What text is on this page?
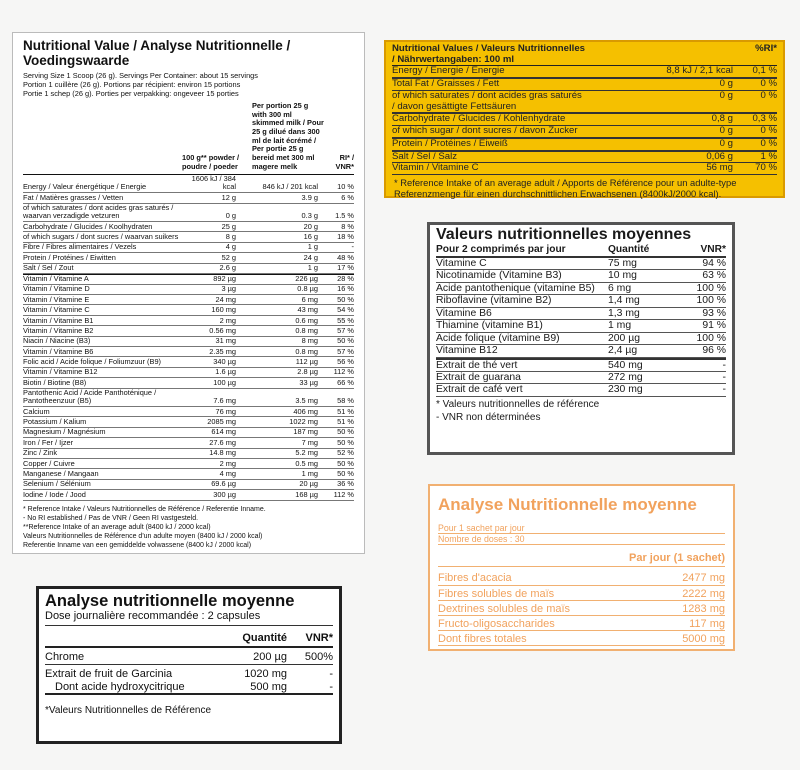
Nutritional Value / Analyse Nutritionnelle / Voedingswaarde
Serving Size 1 Scoop (26 g). Servings Per Container: about 15 servings
Portion 1 cuillère (26 g). Portions par récipient: environ 15 portions
Portie 1 schep (26 g). Porties per verpakking: ongeveer 15 porties
100 g** powder / poudre / poeder
Per portion 25 g with 300 ml skimmed milk / Pour 25 g dilué dans 300 ml de lait écrémé / Per portie 25 g bereid met 300 ml magere melk
RI* / VNR*
Energy / Valeur énergétique / Energie
1606 kJ / 384 kcal	846 kJ / 201 kcal	10 %
Fat / Matières grasses / Vetten	12 g	3.9 g	6 %
of which saturates / dont acides gras saturés / waarvan verzadigde vetzuren	0 g	0.3 g	1.5 %
Carbohydrate / Glucides / Koolhydraten	25 g	20 g	8 %
of which sugars / dont sucres / waarvan suikers	8 g	16 g	18 %
Fibre / Fibres alimentaires / Vezels	4 g	1 g	-
Protein / Protéines / Eiwitten	52 g	24 g	48 %
Salt / Sel / Zout	2.6 g	1 g	17 %
Vitamin / Vitamine A	892 µg	226 µg	28 %
Vitamin / Vitamine D	3 µg	0.8 µg	16 %
Vitamin / Vitamine E	24 mg	6 mg	50 %
Vitamin / Vitamine C	160 mg	43 mg	54 %
Vitamin / Vitamine B1	2 mg	0.6 mg	55 %
Vitamin / Vitamine B2	0.56 mg	0.8 mg	57 %
Niacin / Niacine (B3)	31 mg	8 mg	50 %
Vitamin / Vitamine B6	2.35 mg	0.8 mg	57 %
Folic acid / Acide folique / Foliumzuur (B9)	340 µg	112 µg	56 %
Vitamin / Vitamine B12	1.6 µg	2.8 µg	112 %
Biotin / Biotine (B8)	100 µg	33 µg	66 %
Pantothenic Acid / Acide Panthoténique / Pantotheenzuur (B5)	7.6 mg	3.5 mg	58 %
Calcium	76 mg	406 mg	51 %
Potassium / Kalium	2085 mg	1022 mg	51 %
Magnesium / Magnésium	614 mg	187 mg	50 %
Iron / Fer / Ijzer	27.6 mg	7 mg	50 %
Zinc / Zink	14.8 mg	5.2 mg	52 %
Copper / Cuivre	2 mg	0.5 mg	50 %
Manganese / Mangaan	4 mg	1 mg	50 %
Selenium / Sélénium	69.6 µg	20 µg	36 %
Iodine / Iode / Jood	300 µg	168 µg	112 %
* Reference Intake / Valeurs Nutritionnelles de Référence / Referentie Inname.
- No RI established / Pas de VNR / Geen RI vastgesteld.
**Reference Intake of an average adult (8400 kJ / 2000 kcal)
Valeurs Nutritionnelles de Référence d'un adulte moyen (8400 kJ / 2000 kcal)
Referentie Inname van een gemiddelde volwassene (8400 kJ / 2000 kcal)
Nutritional Values / Valeurs Nutritionnelles / Nährwertangaben: 100 ml
%RI*
Energy / Énergie / Energie	8,8 kJ / 2,1 kcal	0,1 %
Total Fat / Graisses / Fett	0 g	0 %
of which saturates / dont acides gras saturés / davon gesättigte Fettsäuren
0 g	0 %
Carbohydrate / Glucides / Kohlenhydrate	0,8 g	0,3 %
of which sugar / dont sucres / davon Zucker	0 g	0 %
Protein / Protéines / Eiweiß	0 g	0 %
Salt / Sel / Salz	0,06 g	1 %
Vitamin / Vitamine C	56 mg	70 %
* Reference Intake of an average adult / Apports de Référence pour un adulte-type Referenzmenge für einen durchschnittlichen Erwachsenen (8400kJ/2000 kcal).
Valeurs nutritionnelles moyennes
Pour 2 comprimés par jour	Quantité	VNR*
Vitamine C	75 mg	94 %
Nicotinamide (Vitamine B3)	10 mg	63 %
Acide pantothenique (vitamine B5)	6 mg	100 %
Riboflavine (vitamine B2)	1,4 mg	100 %
Vitamine B6	1,3 mg	93 %
Thiamine (vitamine B1)	1 mg	91 %
Acide folique (vitamine B9)	200 µg	100 %
Vitamine B12	2,4 µg	96 %
Extrait de thé vert	540 mg	-
Extrait de guarana	272 mg	-
Extrait de café vert	230 mg	-
* Valeurs nutritionnelles de référence
- VNR non déterminées
Analyse Nutritionnelle moyenne
Pour 1 sachet par jour
Nombre de doses : 30
Par jour (1 sachet)
Fibres d'acacia	2477 mg
Fibres solubles de maïs	2222 mg
Dextrines solubles de maïs	1283 mg
Fructo-oligosaccharides	117 mg
Dont fibres totales	5000 mg
Analyse nutritionnelle moyenne
Dose journalière recommandée : 2 capsules
Quantité	VNR*
Chrome	200 µg	500%
Extrait de fruit de Garcinia	1020 mg	-
Dont acide hydroxycitrique	500 mg	-
*Valeurs Nutritionnelles de Référence
